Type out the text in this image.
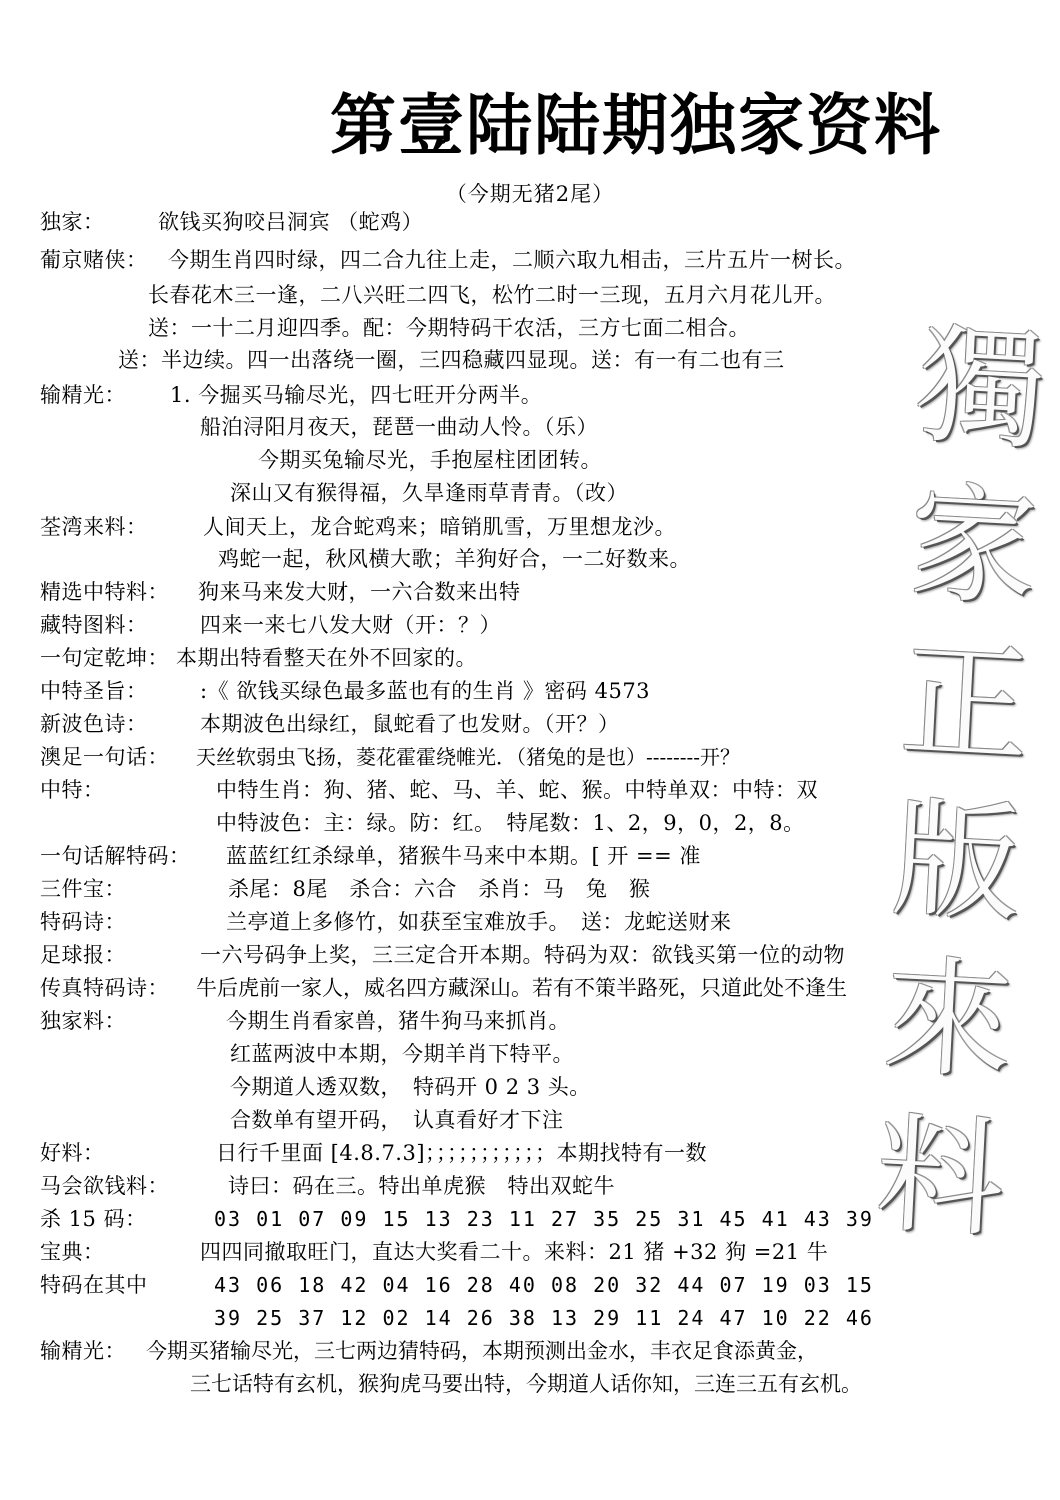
第壹陆陆期独家资料
（今期无猪2尾）
獨
家
正
版
來
料
独家：	欲钱买狗咬吕洞宾 （蛇鸡）
葡京赌侠： 今期生肖四时绿，四二合九往上走，二顺六取九相击，三片五片一树长。
长春花木三一逢，二八兴旺二四飞，松竹二时一三现，五月六月花儿开。
送：一十二月迎四季。配：今期特码干农活，三方七面二相合。
送：半边续。四一出落绕一圈，三四稳藏四显现。送：有一有二也有三
输精光： 1. 今掘买马输尽光，四七旺开分两半。
船泊浔阳月夜天，琵琶一曲动人怜。（乐）
今期买兔输尽光，手抱屋柱团团转。
深山又有猴得福，久旱逢雨草青青。（改）
荃湾来料：	人间天上，龙合蛇鸡来；暗销肌雪，万里想龙沙。
鸡蛇一起，秋风横大歌；羊狗好合，一二好数来。
精选中特料： 狗来马来发大财，一六合数来出特
藏特图料：	四来一来七八发大财（开：？）
一句定乾坤： 本期出特看整天在外不回家的。
中特圣旨：	:《 欲钱买绿色最多蓝也有的生肖 》密码 4573
新波色诗：	本期波色出绿红，鼠蛇看了也发财。（开？）
澳足一句话： 天丝软弱虫飞扬，菱花霍霍绕帷光．（猪兔的是也）--------开？
中特：	中特生肖：狗、猪、蛇、马、羊、蛇、猴。中特单双：中特：双
中特波色：主：绿。防：红。　特尾数：1、2，9，0，2，8。
一句话解特码： 蓝蓝红红杀绿单，猪猴牛马来中本期。[ 开 == 准
三件宝：	杀尾：8尾　杀合：六合　杀肖：马　兔　猴
特码诗：	兰亭道上多修竹，如获至宝难放手。　送：龙蛇送财来
足球报：	一六号码争上奖，三三定合开本期。特码为双：欲钱买第一位的动物
传真特码诗： 牛后虎前一家人，威名四方藏深山。若有不策半路死，只道此处不逢生
独家料：	今期生肖看家兽，猪牛狗马来抓肖。
红蓝两波中本期，今期羊肖下特平。
今期道人透双数，　特码开 0 2 3 头。
合数单有望开码，　认真看好才下注
好料：	日行千里面 [4.8.7.3]；；；；；；；；；；；本期找特有一数
马会欲钱料：	诗曰：码在三。特出单虎猴　特出双蛇牛
杀 15 码：	03 01 07 09 15 13 23 11 27 35 25 31 45 41 43 39
宝典：	四四同撤取旺门，直达大奖看二十。来料：21 猪 +32 狗 =21 牛
特码在其中	43 06 18 42 04 16 28 40 08 20 32 44 07 19 03 15
39 25 37 12 02 14 26 38 13 29 11 24 47 10 22 46
输精光： 今期买猪输尽光，三七两边猜特码，本期预测出金水，丰衣足食添黄金，
三七话特有玄机，猴狗虎马要出特，今期道人话你知，三连三五有玄机。
